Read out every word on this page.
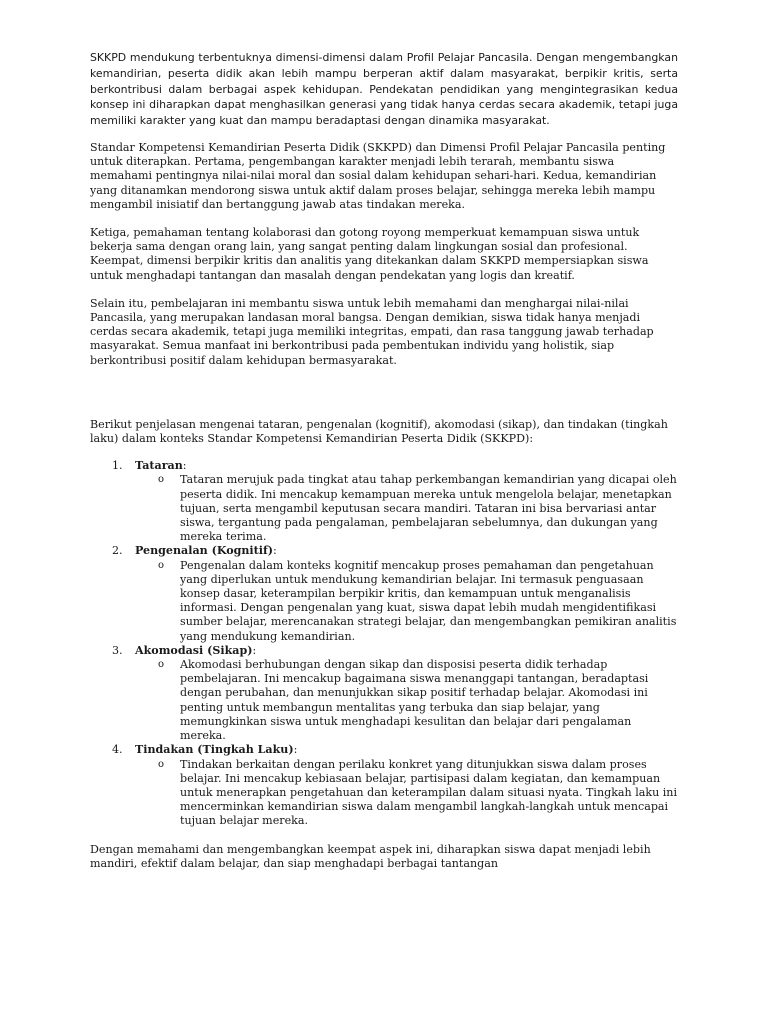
SKKPD mendukung terbentuknya dimensi-dimensi dalam Profil Pelajar Pancasila. Dengan mengembangkan kemandirian, peserta didik akan lebih mampu berperan aktif dalam masyarakat, berpikir kritis, serta berkontribusi dalam berbagai aspek kehidupan. Pendekatan pendidikan yang mengintegrasikan kedua konsep ini diharapkan dapat menghasilkan generasi yang tidak hanya cerdas secara akademik, tetapi juga memiliki karakter yang kuat dan mampu beradaptasi dengan dinamika masyarakat.

Standar Kompetensi Kemandirian Peserta Didik (SKKPD) dan Dimensi Profil Pelajar Pancasila penting untuk diterapkan. Pertama, pengembangan karakter menjadi lebih terarah, membantu siswa memahami pentingnya nilai-nilai moral dan sosial dalam kehidupan sehari-hari. Kedua, kemandirian yang ditanamkan mendorong siswa untuk aktif dalam proses belajar, sehingga mereka lebih mampu mengambil inisiatif dan bertanggung jawab atas tindakan mereka.

Ketiga, pemahaman tentang kolaborasi dan gotong royong memperkuat kemampuan siswa untuk bekerja sama dengan orang lain, yang sangat penting dalam lingkungan sosial dan profesional. Keempat, dimensi berpikir kritis dan analitis yang ditekankan dalam SKKPD mempersiapkan siswa untuk menghadapi tantangan dan masalah dengan pendekatan yang logis dan kreatif.

Selain itu, pembelajaran ini membantu siswa untuk lebih memahami dan menghargai nilai-nilai Pancasila, yang merupakan landasan moral bangsa. Dengan demikian, siswa tidak hanya menjadi cerdas secara akademik, tetapi juga memiliki integritas, empati, dan rasa tanggung jawab terhadap masyarakat. Semua manfaat ini berkontribusi pada pembentukan individu yang holistik, siap berkontribusi positif dalam kehidupan bermasyarakat.

Berikut penjelasan mengenai tataran, pengenalan (kognitif), akomodasi (sikap), dan tindakan (tingkah laku) dalam konteks Standar Kompetensi Kemandirian Peserta Didik (SKKPD):

1. Tataran:
o Tataran merujuk pada tingkat atau tahap perkembangan kemandirian yang dicapai oleh peserta didik. Ini mencakup kemampuan mereka untuk mengelola belajar, menetapkan tujuan, serta mengambil keputusan secara mandiri. Tataran ini bisa bervariasi antar siswa, tergantung pada pengalaman, pembelajaran sebelumnya, dan dukungan yang mereka terima.
2. Pengenalan (Kognitif):
o Pengenalan dalam konteks kognitif mencakup proses pemahaman dan pengetahuan yang diperlukan untuk mendukung kemandirian belajar. Ini termasuk penguasaan konsep dasar, keterampilan berpikir kritis, dan kemampuan untuk menganalisis informasi. Dengan pengenalan yang kuat, siswa dapat lebih mudah mengidentifikasi sumber belajar, merencanakan strategi belajar, dan mengembangkan pemikiran analitis yang mendukung kemandirian.
3. Akomodasi (Sikap):
o Akomodasi berhubungan dengan sikap dan disposisi peserta didik terhadap pembelajaran. Ini mencakup bagaimana siswa menanggapi tantangan, beradaptasi dengan perubahan, dan menunjukkan sikap positif terhadap belajar. Akomodasi ini penting untuk membangun mentalitas yang terbuka dan siap belajar, yang memungkinkan siswa untuk menghadapi kesulitan dan belajar dari pengalaman mereka.
4. Tindakan (Tingkah Laku):
o Tindakan berkaitan dengan perilaku konkret yang ditunjukkan siswa dalam proses belajar. Ini mencakup kebiasaan belajar, partisipasi dalam kegiatan, dan kemampuan untuk menerapkan pengetahuan dan keterampilan dalam situasi nyata. Tingkah laku ini mencerminkan kemandirian siswa dalam mengambil langkah-langkah untuk mencapai tujuan belajar mereka.

Dengan memahami dan mengembangkan keempat aspek ini, diharapkan siswa dapat menjadi lebih mandiri, efektif dalam belajar, dan siap menghadapi berbagai tantangan
